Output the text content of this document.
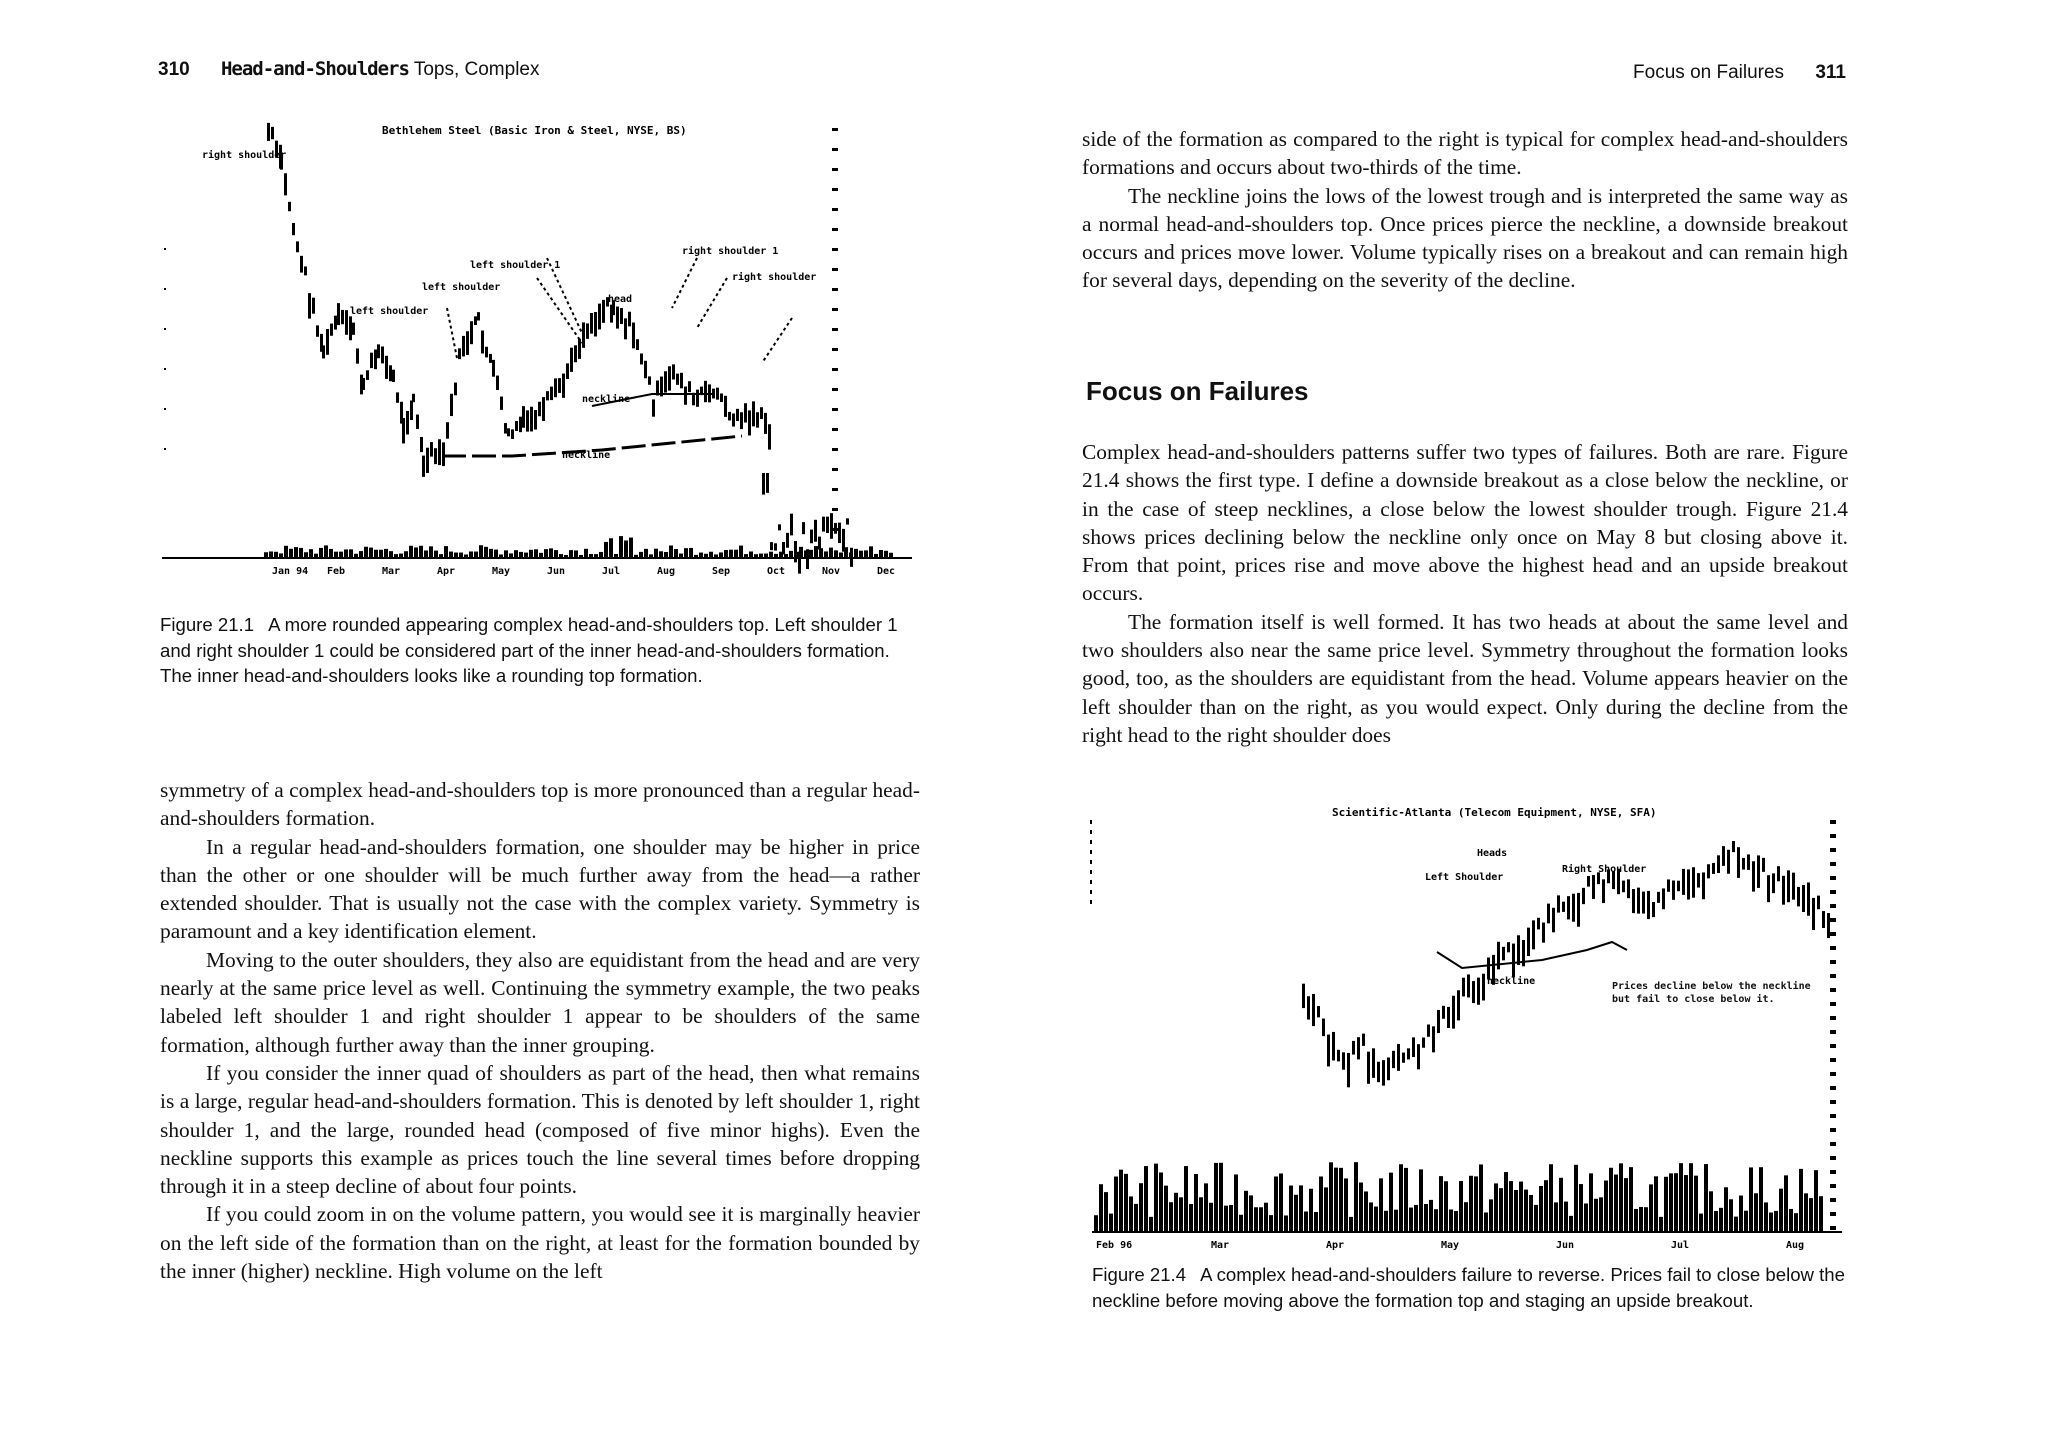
310 Head-and-Shoulders Tops, Complex
Bethlehem Steel (Basic Iron & Steel, NYSE, BS)
right shoulder
left shoulder
left shoulder 1
head
right shoulder 1
right shoulder
left shoulder
neckline
neckline
Jan 94 Feb	Mar	Apr	May	Jun	Jul	Aug	Sep	Oct	Nov	Dec
Figure 21.1 A more rounded appearing complex head-and-shoulders top. Left shoulder 1 and right shoulder 1 could be considered part of the inner head-and-shoulders formation. The inner head-and-shoulders looks like a rounding top formation.

symmetry of a complex head-and-shoulders top is more pronounced than a regular head-and-shoulders formation.

In a regular head-and-shoulders formation, one shoulder may be higher in price than the other or one shoulder will be much further away from the head—a rather extended shoulder. That is usually not the case with the complex variety. Symmetry is paramount and a key identification element.

Moving to the outer shoulders, they also are equidistant from the head and are very nearly at the same price level as well. Continuing the symmetry example, the two peaks labeled left shoulder 1 and right shoulder 1 appear to be shoulders of the same formation, although further away than the inner grouping.

If you consider the inner quad of shoulders as part of the head, then what remains is a large, regular head-and-shoulders formation. This is denoted by left shoulder 1, right shoulder 1, and the large, rounded head (composed of five minor highs). Even the neckline supports this example as prices touch the line several times before dropping through it in a steep decline of about four points.

If you could zoom in on the volume pattern, you would see it is marginally heavier on the left side of the formation than on the right, at least for the formation bounded by the inner (higher) neckline. High volume on the left

Focus on Failures 311

side of the formation as compared to the right is typical for complex head-and-shoulders formations and occurs about two-thirds of the time.

The neckline joins the lows of the lowest trough and is interpreted the same way as a normal head-and-shoulders top. Once prices pierce the neckline, a downside breakout occurs and prices move lower. Volume typically rises on a breakout and can remain high for several days, depending on the severity of the decline.

Focus on Failures

Complex head-and-shoulders patterns suffer two types of failures. Both are rare. Figure 21.4 shows the first type. I define a downside breakout as a close below the neckline, or in the case of steep necklines, a close below the lowest shoulder trough. Figure 21.4 shows prices declining below the neckline only once on May 8 but closing above it. From that point, prices rise and move above the highest head and an upside breakout occurs.

The formation itself is well formed. It has two heads at about the same level and two shoulders also near the same price level. Symmetry throughout the formation looks good, too, as the shoulders are equidistant from the head. Volume appears heavier on the left shoulder than on the right, as you would expect. Only during the decline from the right head to the right shoulder does

Scientific-Atlanta (Telecom Equipment, NYSE, SFA)
Left Shoulder
Heads
Right Shoulder
neckline	Prices decline below the neckline but fail to close below it.
Feb 96	Mar	Apr	May	Jun	Jul	Aug
Figure 21.4 A complex head-and-shoulders failure to reverse. Prices fail to close below the neckline before moving above the formation top and staging an upside breakout.
